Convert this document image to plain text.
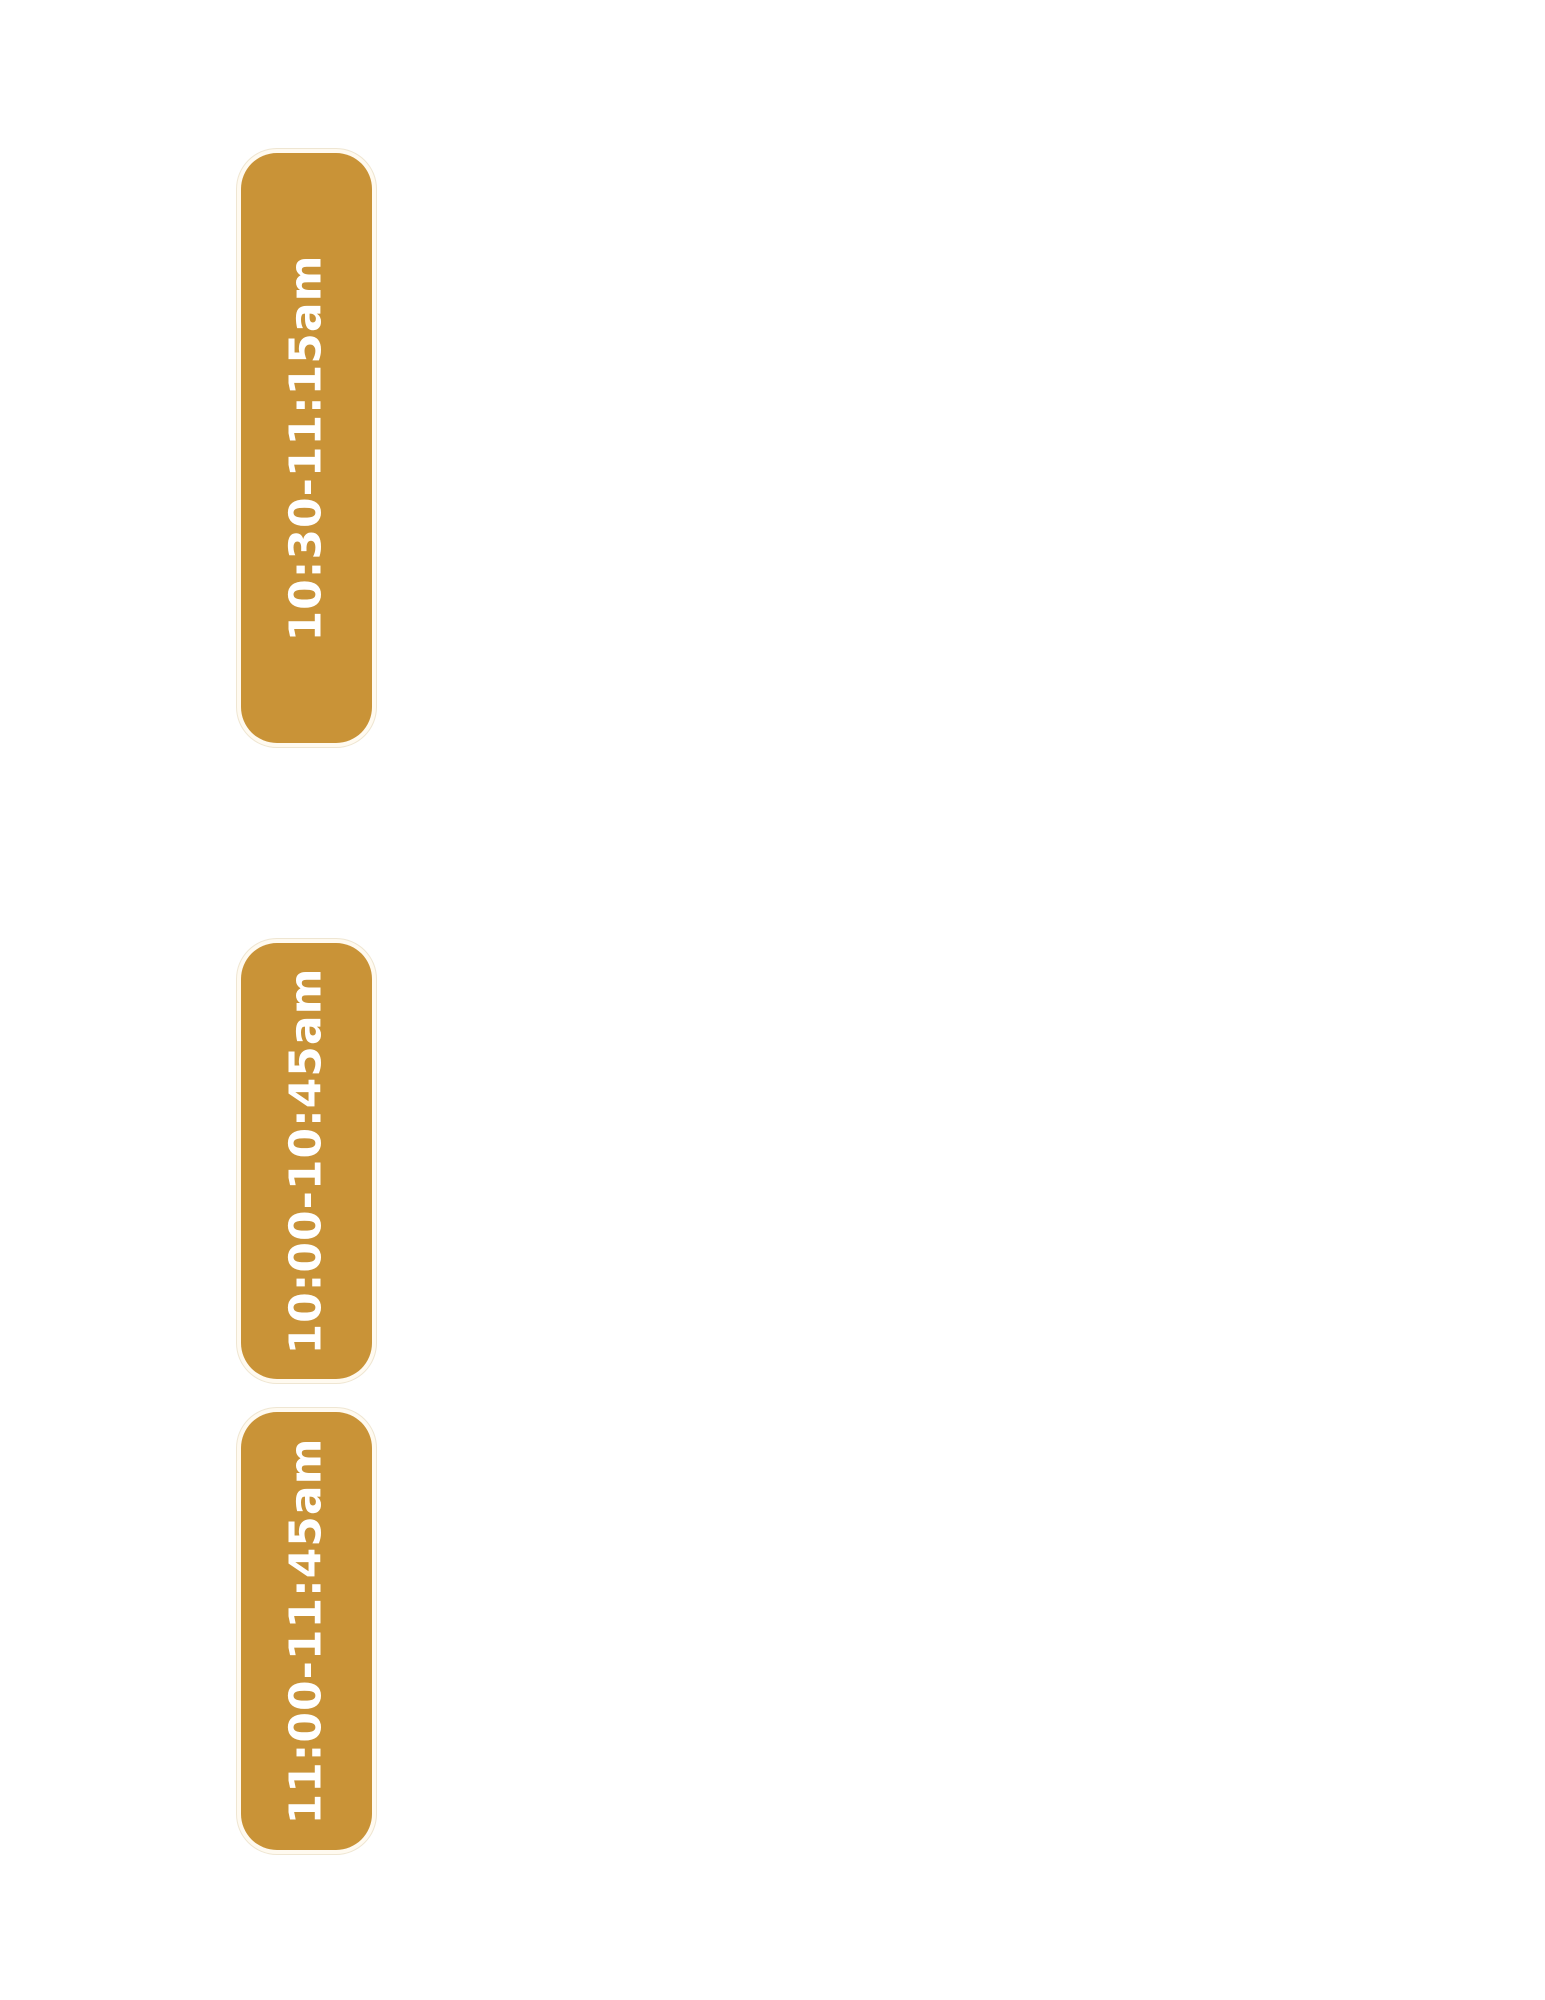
10:30-11:15am
10:00-10:45am
11:00-11:45am
